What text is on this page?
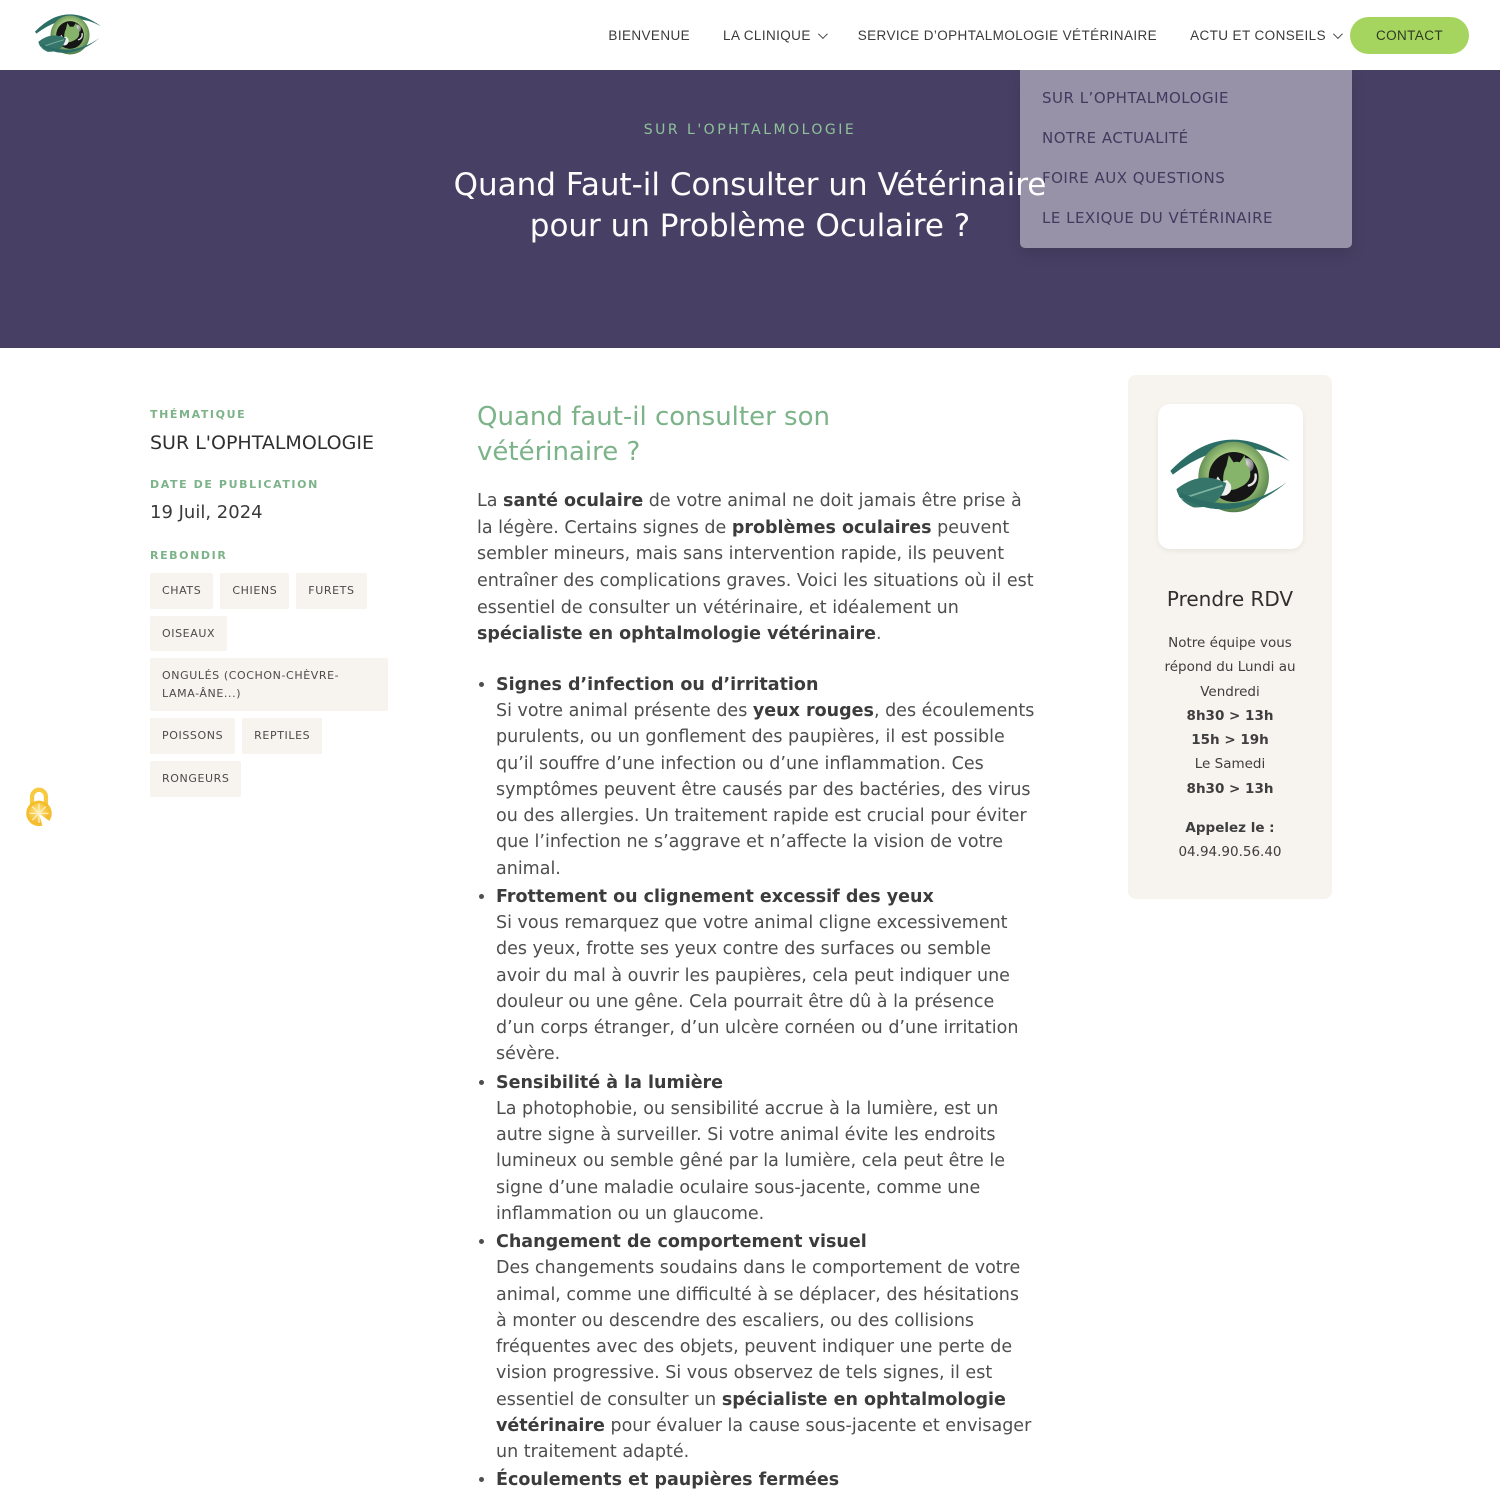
BIENVENUE LA CLINIQUE	SERVICE D’OPHTALMOLOGIE VÉTÉRINAIRE ACTU ET CONSEILS	CONTACT
SUR L'OPHTALMOLOGIE
Quand Faut-il Consulter un Vétérinaire pour un Problème Oculaire ?
SUR L’OPHTALMOLOGIE
NOTRE ACTUALITÉ
FOIRE AUX QUESTIONS
LE LEXIQUE DU VÉTÉRINAIRE
THÉMATIQUE
SUR L'OPHTALMOLOGIE
DATE DE PUBLICATION
19 Juil, 2024
REBONDIR
CHATS	CHIENS	FURETS
OISEAUX
ONGULÉS (COCHON-CHÈVRE-LAMA-ÂNE...)
POISSONS	REPTILES
RONGEURS
Quand faut-il consulter son vétérinaire ?

La santé oculaire de votre animal ne doit jamais être prise à la légère. Certains signes de problèmes oculaires peuvent sembler mineurs, mais sans intervention rapide, ils peuvent entraîner des complications graves. Voici les situations où il est essentiel de consulter un vétérinaire, et idéalement un spécialiste en ophtalmologie vétérinaire.

• Signes d’infection ou d’irritation
Si votre animal présente des yeux rouges, des écoulements purulents, ou un gonflement des paupières, il est possible qu’il souffre d’une infection ou d’une inflammation. Ces symptômes peuvent être causés par des bactéries, des virus ou des allergies. Un traitement rapide est crucial pour éviter que l’infection ne s’aggrave et n’affecte la vision de votre animal.
• Frottement ou clignement excessif des yeux
Si vous remarquez que votre animal cligne excessivement des yeux, frotte ses yeux contre des surfaces ou semble avoir du mal à ouvrir les paupières, cela peut indiquer une douleur ou une gêne. Cela pourrait être dû à la présence d’un corps étranger, d’un ulcère cornéen ou d’une irritation sévère.
• Sensibilité à la lumière
La photophobie, ou sensibilité accrue à la lumière, est un autre signe à surveiller. Si votre animal évite les endroits lumineux ou semble gêné par la lumière, cela peut être le signe d’une maladie oculaire sous-jacente, comme une inflammation ou un glaucome.
• Changement de comportement visuel
Des changements soudains dans le comportement de votre animal, comme une difficulté à se déplacer, des hésitations à monter ou descendre des escaliers, ou des collisions fréquentes avec des objets, peuvent indiquer une perte de vision progressive. Si vous observez de tels signes, il est essentiel de consulter un spécialiste en ophtalmologie vétérinaire pour évaluer la cause sous-jacente et envisager un traitement adapté.
• Écoulements et paupières fermées
Prendre RDV
Notre équipe vous répond du Lundi au Vendredi
8h30 > 13h
15h > 19h
Le Samedi
8h30 > 13h
Appelez le :
04.94.90.56.40
